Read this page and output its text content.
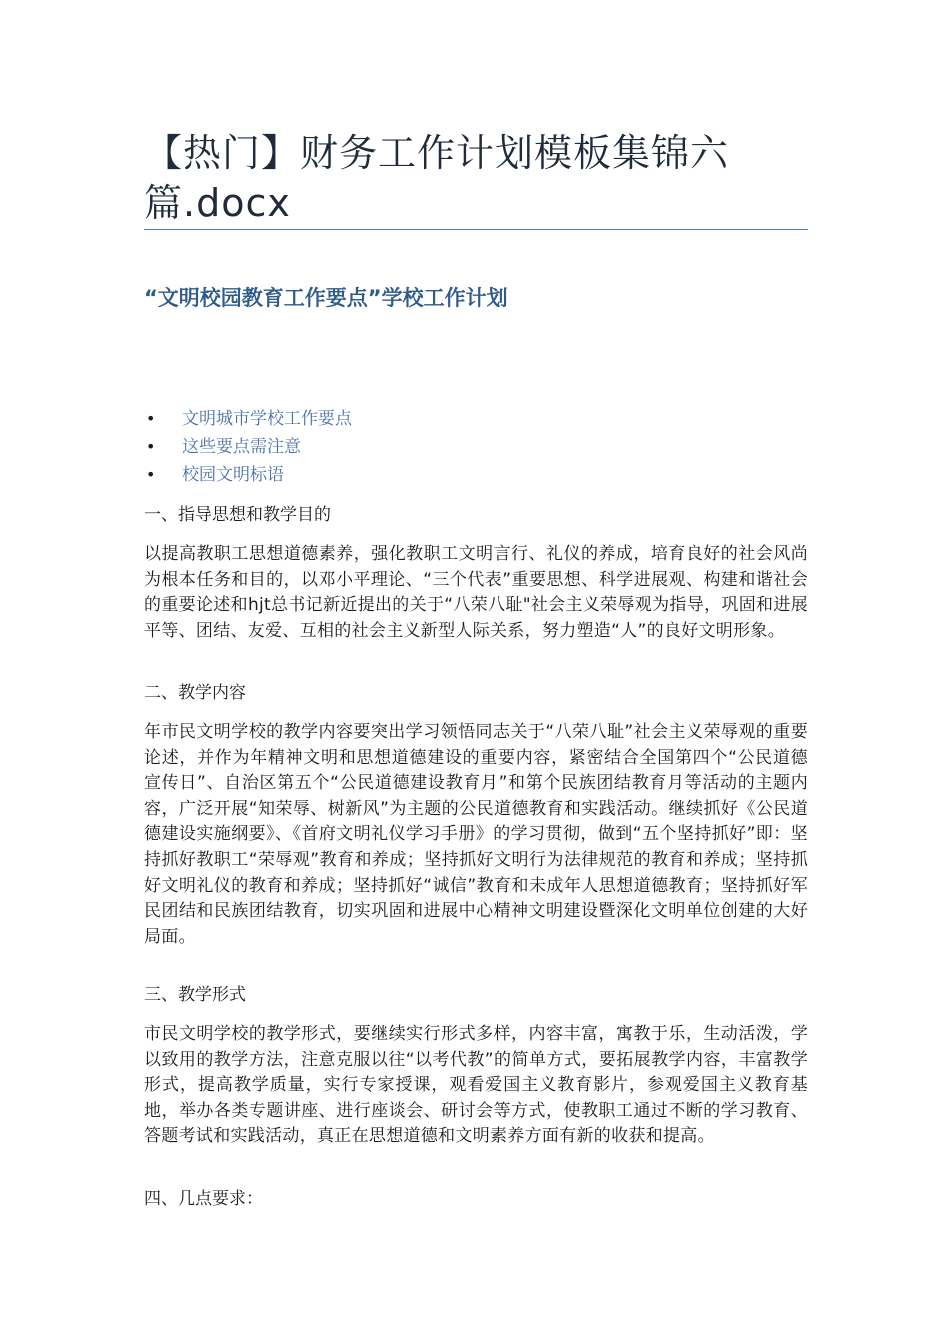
【热门】财务工作计划模板集锦六篇.docx
“文明校园教育工作要点”学校工作计划
• 文明城市学校工作要点
• 这些要点需注意
• 校园文明标语
一、指导思想和教学目的

以提高教职工思想道德素养，强化教职工文明言行、礼仪的养成，培育良好的社会风尚为根本任务和目的，以邓小平理论、“三个代表”重要思想、科学进展观、构建和谐社会的重要论述和hjt总书记新近提出的关于“八荣八耻"社会主义荣辱观为指导，巩固和进展平等、团结、友爱、互相的社会主义新型人际关系，努力塑造“人”的良好文明形象。

二、教学内容

年市民文明学校的教学内容要突出学习领悟同志关于“八荣八耻”社会主义荣辱观的重要论述，并作为年精神文明和思想道德建设的重要内容，紧密结合全国第四个“公民道德宣传日”、自治区第五个“公民道德建设教育月”和第个民族团结教育月等活动的主题内容，广泛开展“知荣辱、树新风”为主题的公民道德教育和实践活动。继续抓好《公民道德建设实施纲要》、《首府文明礼仪学习手册》的学习贯彻，做到“五个坚持抓好”即：坚持抓好教职工“荣辱观”教育和养成；坚持抓好文明行为法律规范的教育和养成；坚持抓好文明礼仪的教育和养成；坚持抓好“诚信”教育和未成年人思想道德教育；坚持抓好军民团结和民族团结教育，切实巩固和进展中心精神文明建设暨深化文明单位创建的大好局面。

三、教学形式

市民文明学校的教学形式，要继续实行形式多样，内容丰富，寓教于乐，生动活泼，学以致用的教学方法，注意克服以往“以考代教”的简单方式，要拓展教学内容，丰富教学形式，提高教学质量，实行专家授课，观看爱国主义教育影片，参观爱国主义教育基地，举办各类专题讲座、进行座谈会、研讨会等方式，使教职工通过不断的学习教育、答题考试和实践活动，真正在思想道德和文明素养方面有新的收获和提高。

四、几点要求：
